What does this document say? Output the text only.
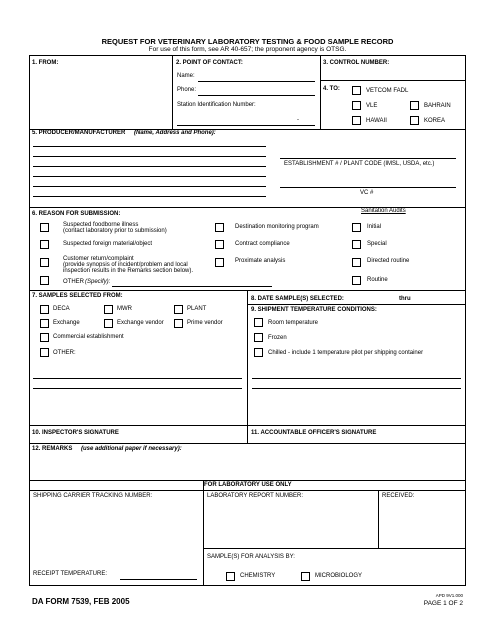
REQUEST FOR VETERINARY LABORATORY TESTING & FOOD SAMPLE RECORD
For use of this form, see AR 40-657; the proponent agency is OTSG.
1. FROM:	2. POINT OF CONTACT:
Name:
Phone:
Station Identification Number:
-
3. CONTROL NUMBER:
4. TO:	VETCOM FADL
VLE	BAHRAIN
HAWAII	KOREA
5. PRODUCER/MANUFACTURER (Name, Address and Phone):
ESTABLISHMENT # / PLANT CODE (IMSL, USDA, etc.)
VC #
6. REASON FOR SUBMISSION:	Sanitation Audits
Suspected foodborne illness
(contact laboratory prior to submission)
Suspected foreign material/object
Customer return/complaint
(provide synopsis of incident/problem and local
inspection results in the Remarks section below).
OTHER (Specify):
Destination monitoring program
Contract compliance
Proximate analysis
Initial
Special
Directed routine
Routine
7. SAMPLES SELECTED FROM:
DECA	MWR	PLANT
Exchange	Exchange vendor	Prime vendor
Commercial establishment
OTHER:
8. DATE SAMPLE(S) SELECTED:	thru
9. SHIPMENT TEMPERATURE CONDITIONS:
Room temperature
Frozen
Chilled - include 1 temperature pilot per shipping container
10. INSPECTOR'S SIGNATURE	11. ACCOUNTABLE OFFICER'S SIGNATURE
12. REMARKS (use additional paper if necessary):
FOR LABORATORY USE ONLY
SHIPPING CARRIER TRACKING NUMBER:	LABORATORY REPORT NUMBER:	RECEIVED:
SAMPLE(S) FOR ANALYSIS BY:
CHEMISTRY	MICROBIOLOGY
RECEIPT TEMPERATURE:
DA FORM 7539, FEB 2005
APD 9V1.000
PAGE 1 OF 2
